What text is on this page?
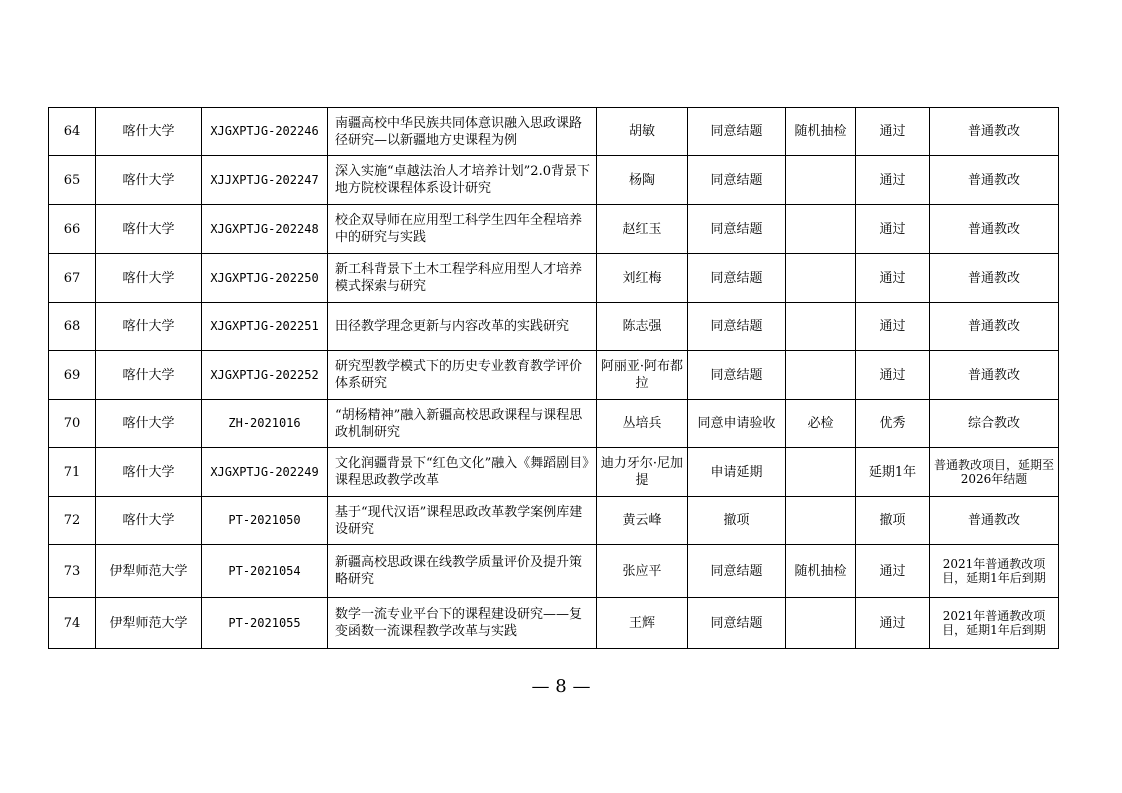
64	喀什大学	XJGXPTJG-202246	南疆高校中华民族共同体意识融入思政课路径研究—以新疆地方史课程为例	胡敏	同意结题	随机抽检	通过	普通教改
65	喀什大学	XJJXPTJG-202247	深入实施“卓越法治人才培养计划”2.0背景下地方院校课程体系设计研究	杨陶	同意结题		通过	普通教改
66	喀什大学	XJGXPTJG-202248	校企双导师在应用型工科学生四年全程培养中的研究与实践	赵红玉	同意结题		通过	普通教改
67	喀什大学	XJGXPTJG-202250	新工科背景下土木工程学科应用型人才培养模式探索与研究	刘红梅	同意结题		通过	普通教改
68	喀什大学	XJGXPTJG-202251	田径教学理念更新与内容改革的实践研究	陈志强	同意结题		通过	普通教改
69	喀什大学	XJGXPTJG-202252	研究型教学模式下的历史专业教育教学评价体系研究	阿丽亚·阿布都拉	同意结题		通过	普通教改
70	喀什大学	ZH-2021016	“胡杨精神”融入新疆高校思政课程与课程思政机制研究	丛培兵	同意申请验收	必检	优秀	综合教改
71	喀什大学	XJGXPTJG-202249	文化润疆背景下“红色文化”融入《舞蹈剧目》课程思政教学改革	迪力牙尔·尼加提	申请延期		延期1年	普通教改项目，延期至2026年结题
72	喀什大学	PT-2021050	基于“现代汉语”课程思政改革教学案例库建设研究	黄云峰	撤项		撤项	普通教改
73	伊犁师范大学	PT-2021054	新疆高校思政课在线教学质量评价及提升策略研究	张应平	同意结题	随机抽检	通过	2021年普通教改项目，延期1年后到期
74	伊犁师范大学	PT-2021055	数学一流专业平台下的课程建设研究——复变函数一流课程教学改革与实践	王辉	同意结题		通过	2021年普通教改项目，延期1年后到期
— 8 —
